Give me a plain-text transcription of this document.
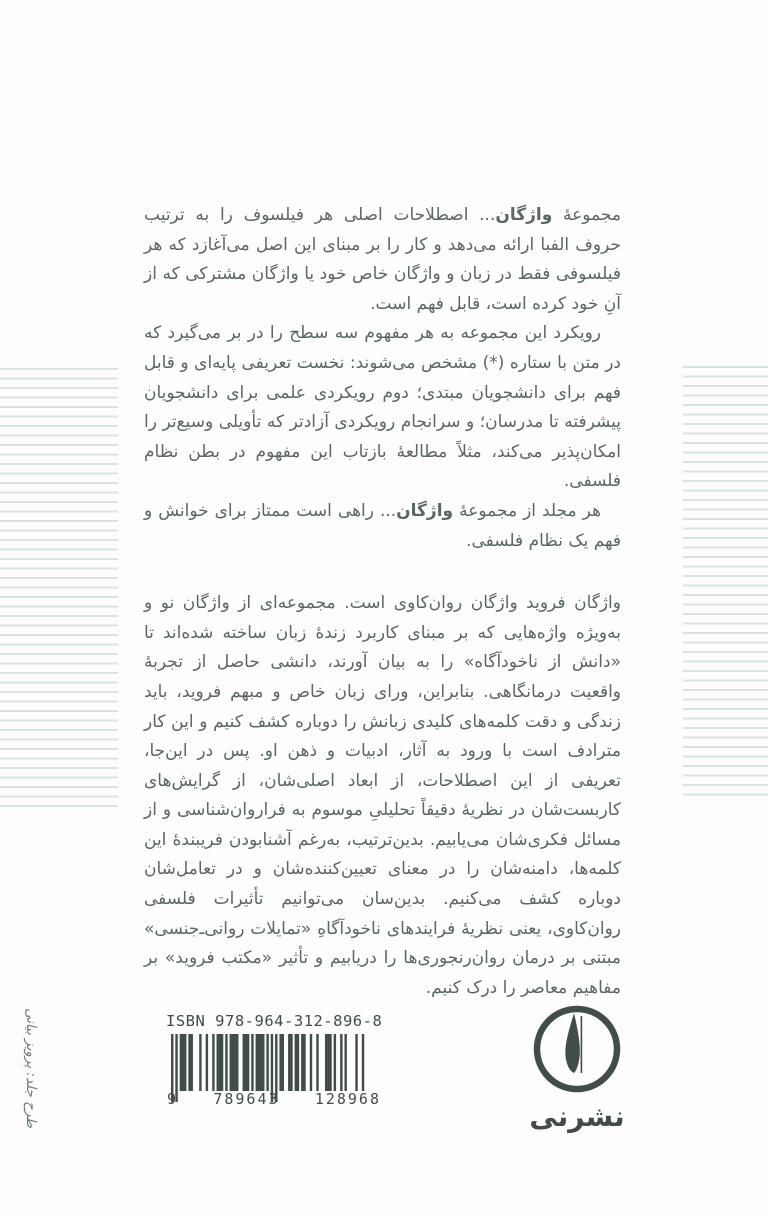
طرح جلد: پرویز بیانی

مجموعهٔ واژگان... اصطلاحات اصلی هر فیلسوف را به ترتیب حروف الفبا ارائه می‌دهد و کار را بر مبنای این اصل می‌آغازد که هر فیلسوفی فقط در زبان و واژگان خاص خود یا واژگان مشترکی که از آنِ خود کرده است، قابل فهم است.

رویکرد این مجموعه به هر مفهوم سه سطح را در بر می‌گیرد که در متن با ستاره (*) مشخص می‌شوند: نخست تعریفی پایه‌ای و قابل فهم برای دانشجویان مبتدی؛ دوم رویکردی علمی برای دانشجویان پیشرفته تا مدرسان؛ و سرانجام رویکردی آزادتر که تأویلی وسیع‌تر را امکان‌پذیر می‌کند، مثلاً مطالعهٔ بازتاب این مفهوم در بطن نظام فلسفی.

هر مجلد از مجموعهٔ واژگان... راهی است ممتاز برای خوانش و فهم یک نظام فلسفی.

واژگان فروید واژگان روان‌کاوی است. مجموعه‌ای از واژگان نو و به‌ویژه واژه‌هایی که بر مبنای کاربرد زندهٔ زبان ساخته شده‌اند تا «دانش از ناخودآگاه» را به بیان آورند، دانشی حاصل از تجربهٔ واقعیت درمانگاهی. بنابراین، ورای زبان خاص و مبهم فروید، باید زندگی و دقت کلمه‌های کلیدی زبانش را دوباره کشف کنیم و این کار مترادف است با ورود به آثار، ادبیات و ذهن او. پس در این‌جا، تعریفی از این اصطلاحات، از ابعاد اصلی‌شان، از گرایش‌های کاربست‌شان در نظریهٔ دقیقاً تحلیلیِ موسوم به فراروان‌شناسی و از مسائل فکری‌شان می‌یابیم. بدین‌ترتیب، به‌رغم آشنابودن فریبندهٔ این کلمه‌ها، دامنه‌شان را در معنای تعیین‌کننده‌شان و در تعامل‌شان دوباره کشف می‌کنیم. بدین‌سان می‌توانیم تأثیرات فلسفی روان‌کاوی، یعنی نظریهٔ فرایندهای ناخودآگاهِ «تمایلات روانی‌ـ‌جنسی» مبتنی بر درمان روان‌رنجوری‌ها را دریابیم و تأثیر «مکتب فروید» بر مفاهیم معاصر را درک کنیم.

ISBN 978-964-312-896-8
9 789643 128968
نشرنی
